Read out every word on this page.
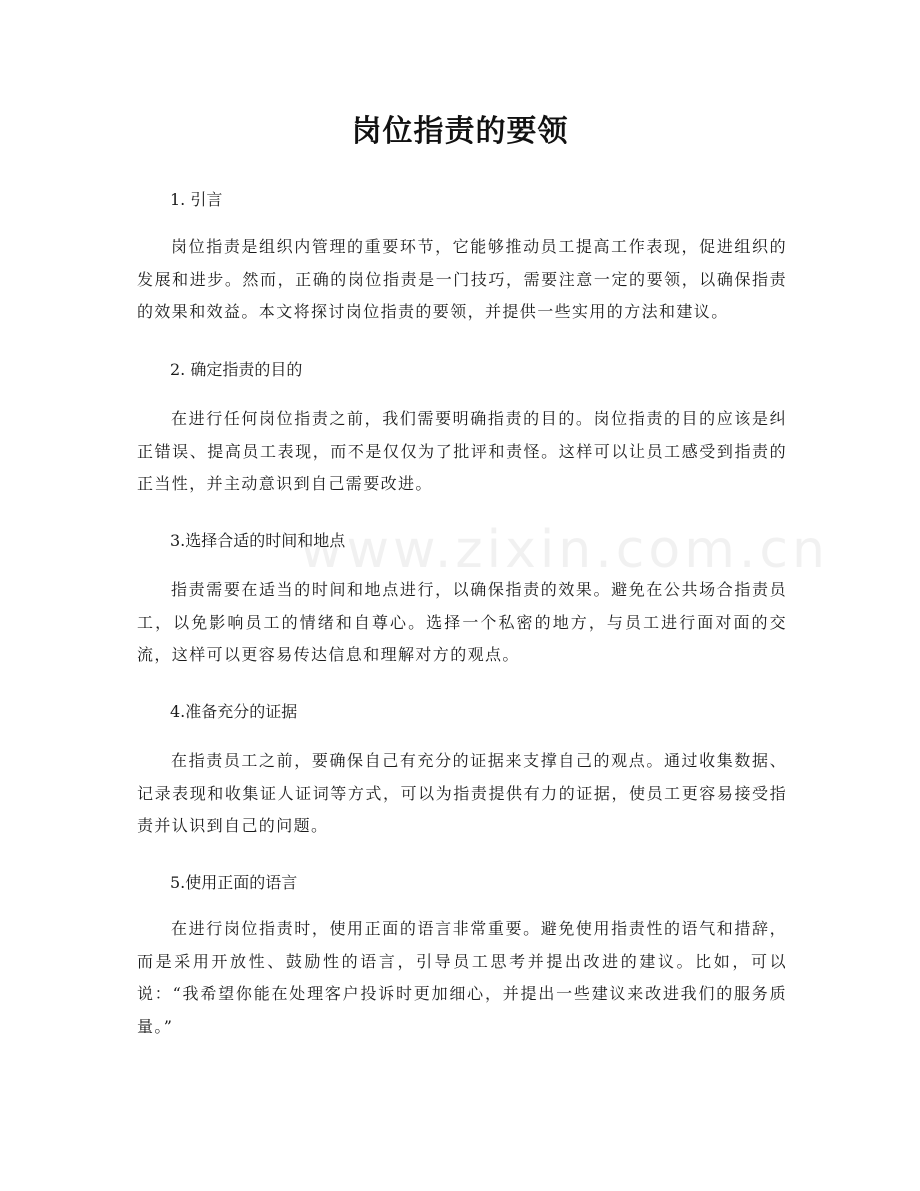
www.zixin.com.cn
岗位指责的要领

1. 引言

岗位指责是组织内管理的重要环节，它能够推动员工提高工作表现，促进组织的发展和进步。然而，正确的岗位指责是一门技巧，需要注意一定的要领，以确保指责的效果和效益。本文将探讨岗位指责的要领，并提供一些实用的方法和建议。

2. 确定指责的目的

在进行任何岗位指责之前，我们需要明确指责的目的。岗位指责的目的应该是纠正错误、提高员工表现，而不是仅仅为了批评和责怪。这样可以让员工感受到指责的正当性，并主动意识到自己需要改进。

3.选择合适的时间和地点

指责需要在适当的时间和地点进行，以确保指责的效果。避免在公共场合指责员工，以免影响员工的情绪和自尊心。选择一个私密的地方，与员工进行面对面的交流，这样可以更容易传达信息和理解对方的观点。

4.准备充分的证据

在指责员工之前，要确保自己有充分的证据来支撑自己的观点。通过收集数据、记录表现和收集证人证词等方式，可以为指责提供有力的证据，使员工更容易接受指责并认识到自己的问题。

5.使用正面的语言

在进行岗位指责时，使用正面的语言非常重要。避免使用指责性的语气和措辞，而是采用开放性、鼓励性的语言，引导员工思考并提出改进的建议。比如，可以说：“我希望你能在处理客户投诉时更加细心，并提出一些建议来改进我们的服务质量。”
